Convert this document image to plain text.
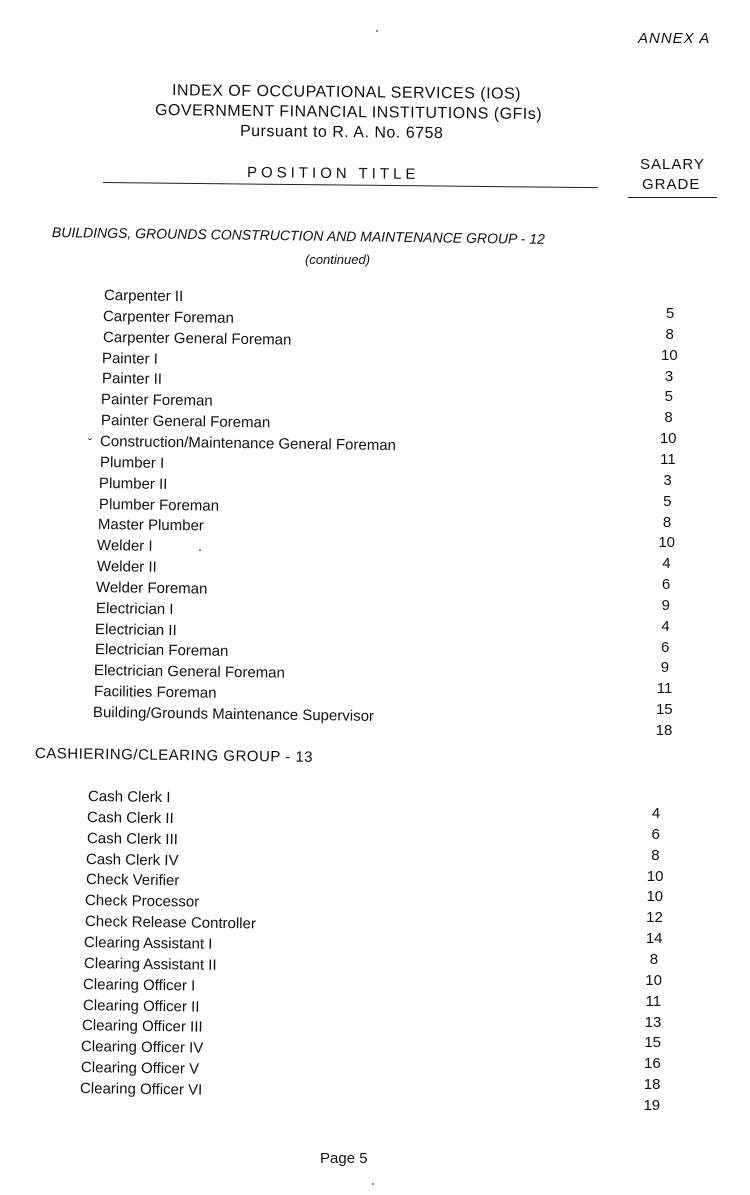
ANNEX A
INDEX OF OCCUPATIONAL SERVICES (IOS)
GOVERNMENT FINANCIAL INSTITUTIONS (GFIs)
Pursuant to R. A. No. 6758
POSITION TITLE	SALARY
GRADE
BUILDINGS, GROUNDS CONSTRUCTION AND MAINTENANCE GROUP - 12
(continued)
Carpenter II
Carpenter Foreman
Carpenter General Foreman
Painter I
Painter II
Painter Foreman
Painter General Foreman
Construction/Maintenance General Foreman
Plumber I
Plumber II
Plumber Foreman
Master Plumber
Welder I
Welder II
Welder Foreman
Electrician I
Electrician II
Electrician Foreman
Electrician General Foreman
Facilities Foreman
Building/Grounds Maintenance Supervisor
5
8
10
3
5
8
10
11
3
5
8
10
4
6
9
4
6
9
11
15
18
ˇ
CASHIERING/CLEARING GROUP - 13
Cash Clerk I
Cash Clerk II
Cash Clerk III
Cash Clerk IV
Check Verifier
Check Processor
Check Release Controller
Clearing Assistant I
Clearing Assistant II
Clearing Officer I
Clearing Officer II
Clearing Officer III
Clearing Officer IV
Clearing Officer V
Clearing Officer VI
4
6
8
10
10
12
14
8
10
11
13
15
16
18
19
Page 5
